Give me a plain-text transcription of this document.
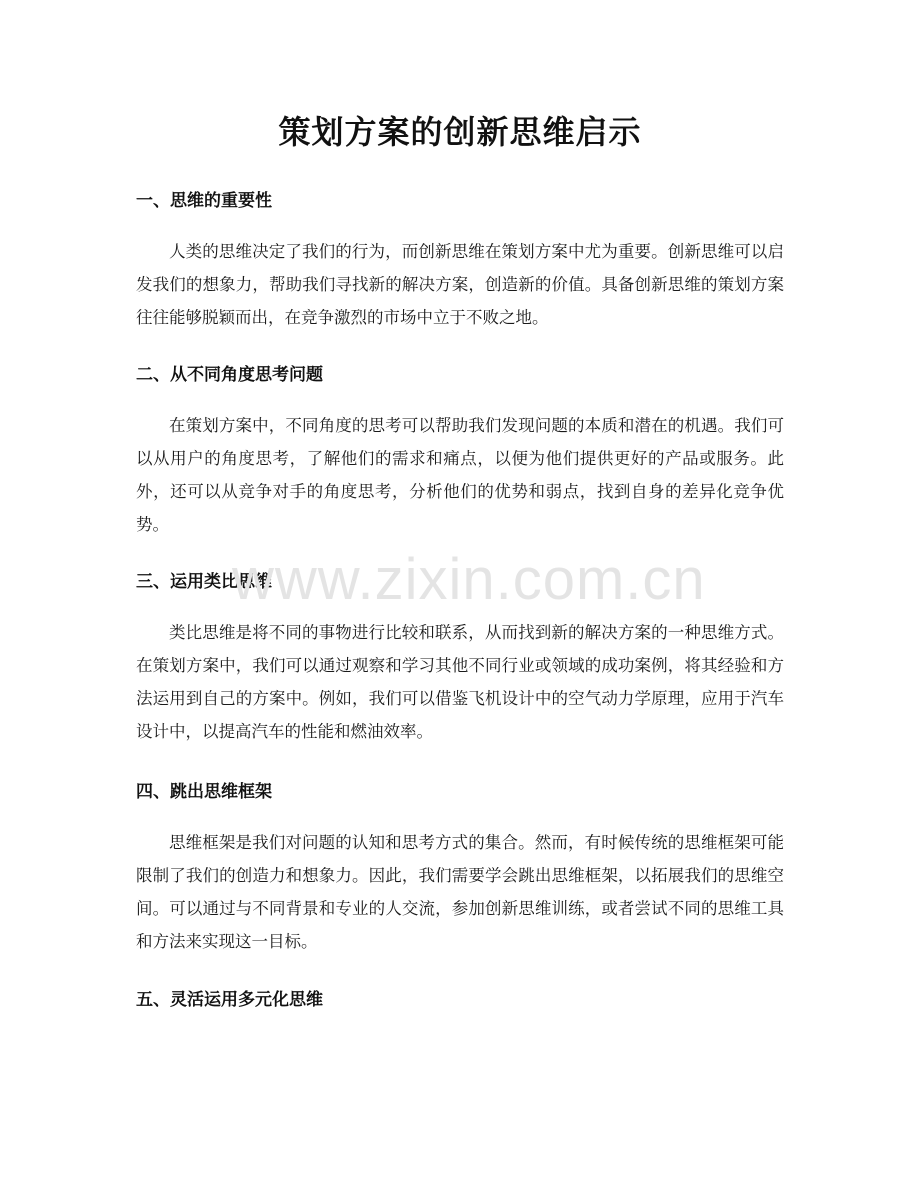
策划方案的创新思维启示
一、思维的重要性

人类的思维决定了我们的行为，而创新思维在策划方案中尤为重要。创新思维可以启发我们的想象力，帮助我们寻找新的解决方案，创造新的价值。具备创新思维的策划方案往往能够脱颖而出，在竞争激烈的市场中立于不败之地。

二、从不同角度思考问题

在策划方案中，不同角度的思考可以帮助我们发现问题的本质和潜在的机遇。我们可以从用户的角度思考，了解他们的需求和痛点，以便为他们提供更好的产品或服务。此外，还可以从竞争对手的角度思考，分析他们的优势和弱点，找到自身的差异化竞争优势。

三、运用类比思维

类比思维是将不同的事物进行比较和联系，从而找到新的解决方案的一种思维方式。在策划方案中，我们可以通过观察和学习其他不同行业或领域的成功案例，将其经验和方法运用到自己的方案中。例如，我们可以借鉴飞机设计中的空气动力学原理，应用于汽车设计中，以提高汽车的性能和燃油效率。

四、跳出思维框架

思维框架是我们对问题的认知和思考方式的集合。然而，有时候传统的思维框架可能限制了我们的创造力和想象力。因此，我们需要学会跳出思维框架，以拓展我们的思维空间。可以通过与不同背景和专业的人交流，参加创新思维训练，或者尝试不同的思维工具和方法来实现这一目标。

五、灵活运用多元化思维
www.zixin.com.cn
